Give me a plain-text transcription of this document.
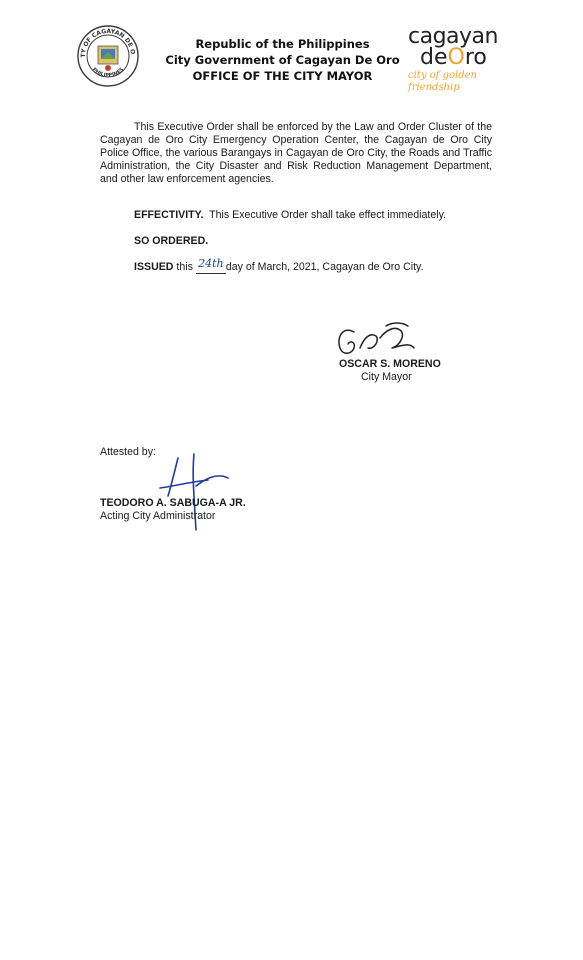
TY OF CAGAYAN DE O
PHILIPPINES
Republic of the Philippines
City Government of Cagayan De Oro
OFFICE OF THE CITY MAYOR
cagayan
deOro
city of golden friendship
This Executive Order shall be enforced by the Law and Order Cluster of the Cagayan de Oro City Emergency Operation Center, the Cagayan de Oro City Police Office, the various Barangays in Cagayan de Oro City, the Roads and Traffic Administration, the City Disaster and Risk Reduction Management Department, and other law enforcement agencies.
EFFECTIVITY. This Executive Order shall take effect immediately.
SO ORDERED.
ISSUED this 24th day of March, 2021, Cagayan de Oro City.
OSCAR S. MORENO
City Mayor
Attested by:
TEODORO A. SABUGA-A JR.
Acting City Administrator
